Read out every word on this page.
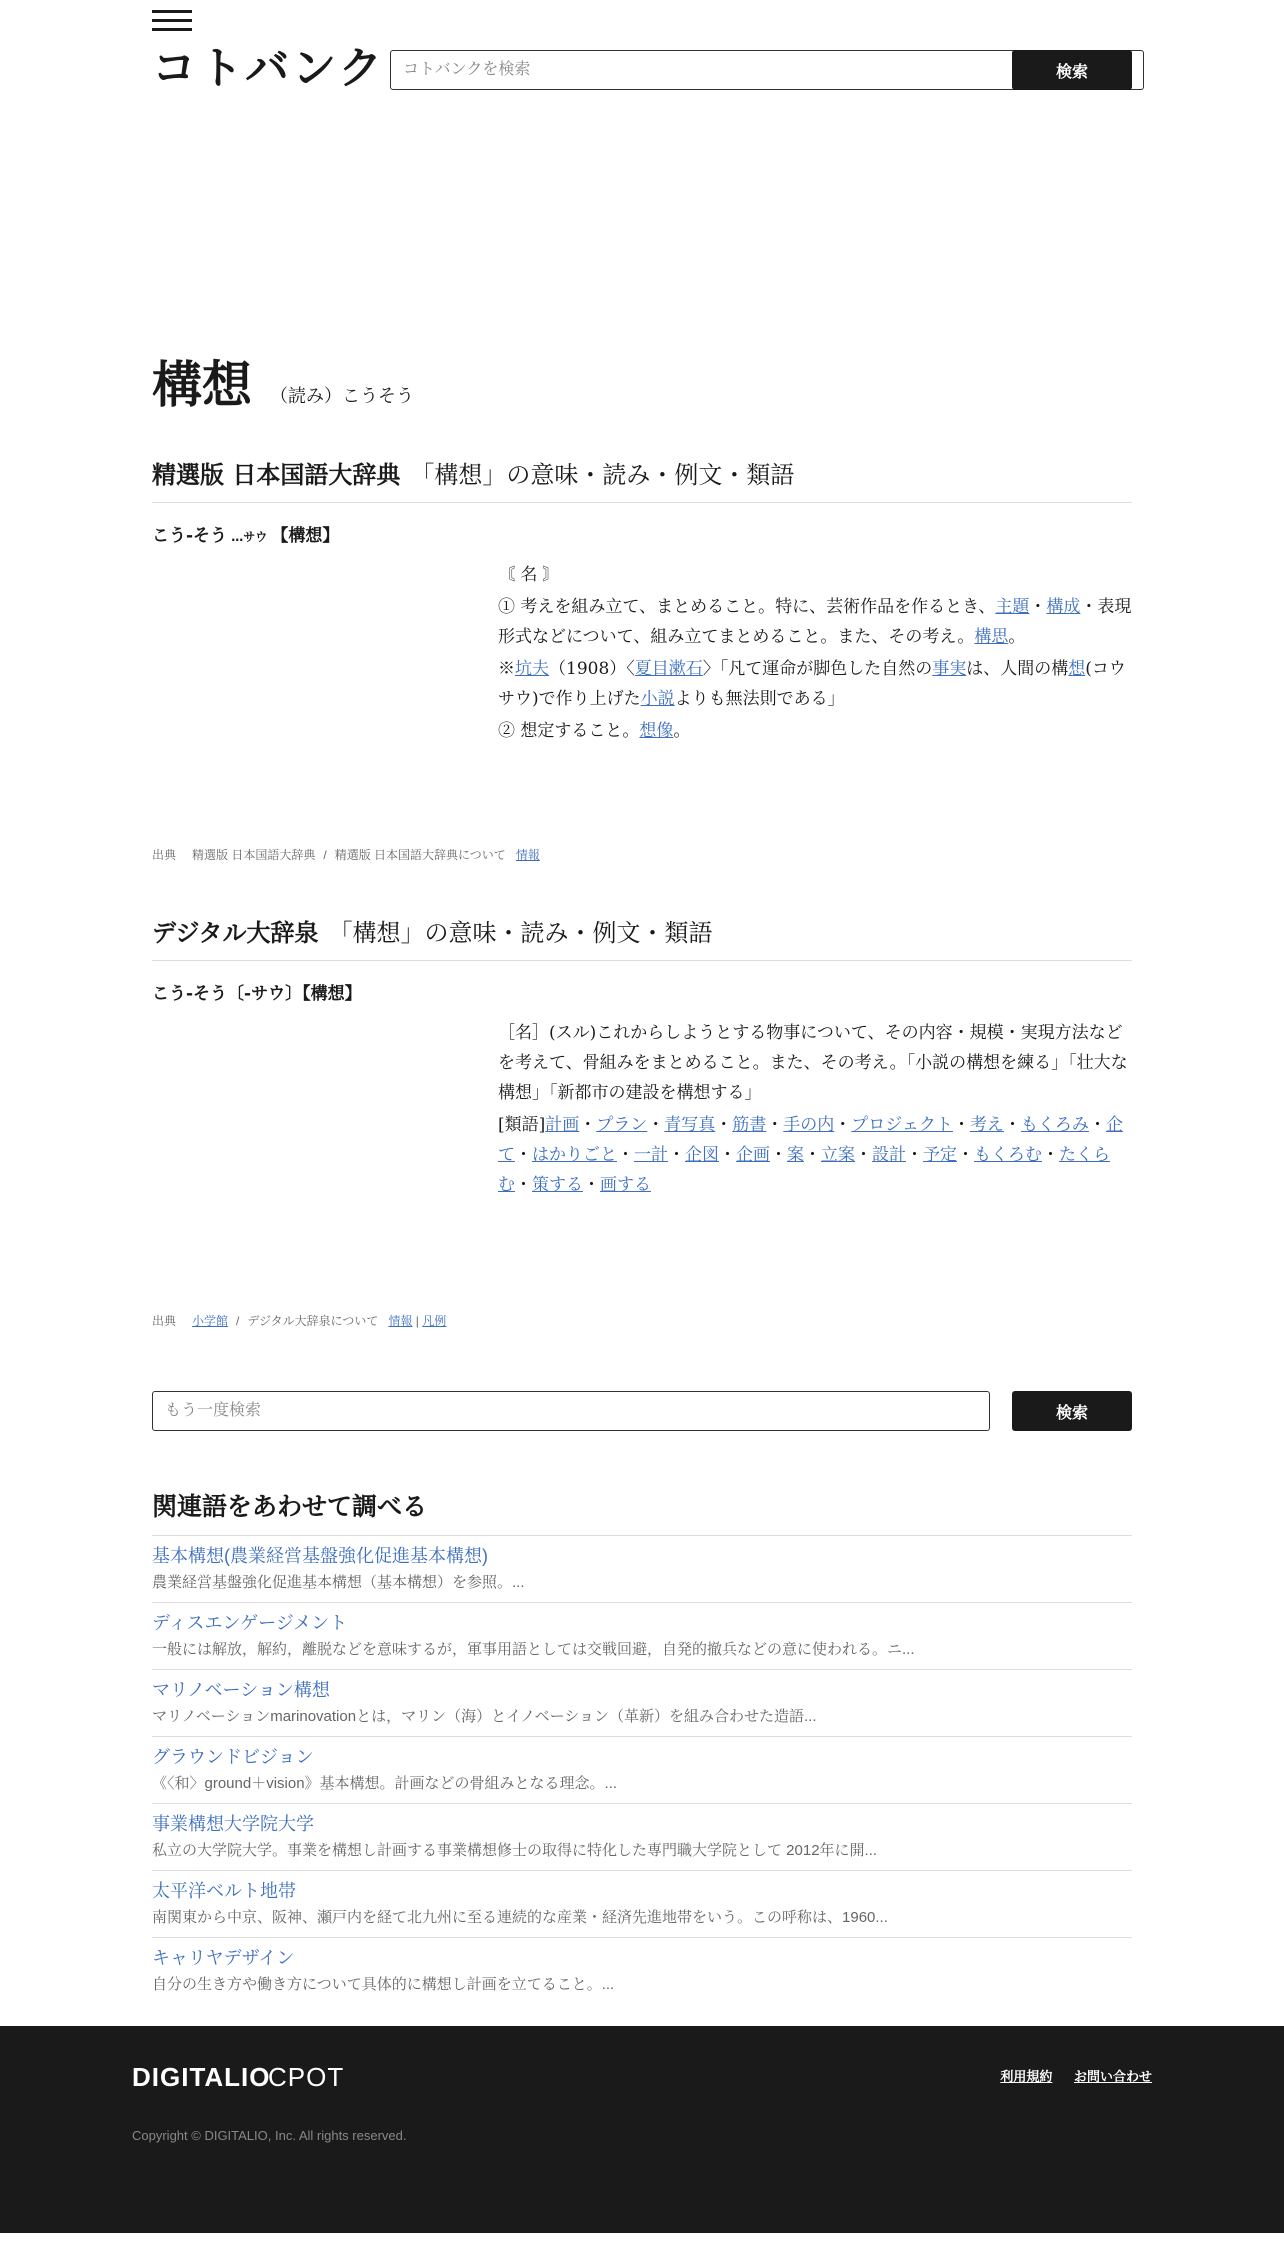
コトバンク
コトバンクを検索	検索
構想 （読み）こうそう
精選版 日本国語大辞典 「構想」の意味・読み・例文・類語
こう-そう …サウ 【構想】

〘 名 〙

① 考えを組み立て、まとめること。特に、芸術作品を作るとき、主題・構成・表現形式などについて、組み立てまとめること。また、その考え。構思。

※坑夫（1908）〈夏目漱石〉「凡て運命が脚色した自然の事実は、人間の構想(コウサウ)で作り上げた小説よりも無法則である」

② 想定すること。想像。

出典 精選版 日本国語大辞典 / 精選版 日本国語大辞典について 情報
デジタル大辞泉 「構想」の意味・読み・例文・類語
こう-そう〔-サウ〕【構想】

［名］(スル)これからしようとする物事について、その内容・規模・実現方法などを考えて、骨組みをまとめること。また、その考え。「小説の構想を練る」「壮大な構想」「新都市の建設を構想する」

[類語]計画・プラン・青写真・筋書・手の内・プロジェクト・考え・もくろみ・企て・はかりごと・一計・企図・企画・案・立案・設計・予定・もくろむ・たくらむ・策する・画する

出典 小学館 / デジタル大辞泉について 情報 | 凡例
もう一度検索
検索
関連語をあわせて調べる
基本構想(農業経営基盤強化促進基本構想)

農業経営基盤強化促進基本構想（基本構想）を参照。...

ディスエンゲージメント

一般には解放，解約，離脱などを意味するが，軍事用語としては交戦回避，自発的撤兵などの意に使われる。ニ...

マリノベーション構想

マリノベーションmarinovationとは，マリン（海）とイノベーション（革新）を組み合わせた造語...

グラウンドビジョン

《〈和〉ground＋vision》基本構想。計画などの骨組みとなる理念。...

事業構想大学院大学

私立の大学院大学。事業を構想し計画する事業構想修士の取得に特化した専門職大学院として 2012年に開...

太平洋ベルト地帯

南関東から中京、阪神、瀬戸内を経て北九州に至る連続的な産業・経済先進地帯をいう。この呼称は、1960...

キャリヤデザイン

自分の生き方や働き方について具体的に構想し計画を立てること。...

DIGITALIO
CPOT	利用規約 お問い合わせ
Copyright © DIGITALIO, Inc. All rights reserved.
